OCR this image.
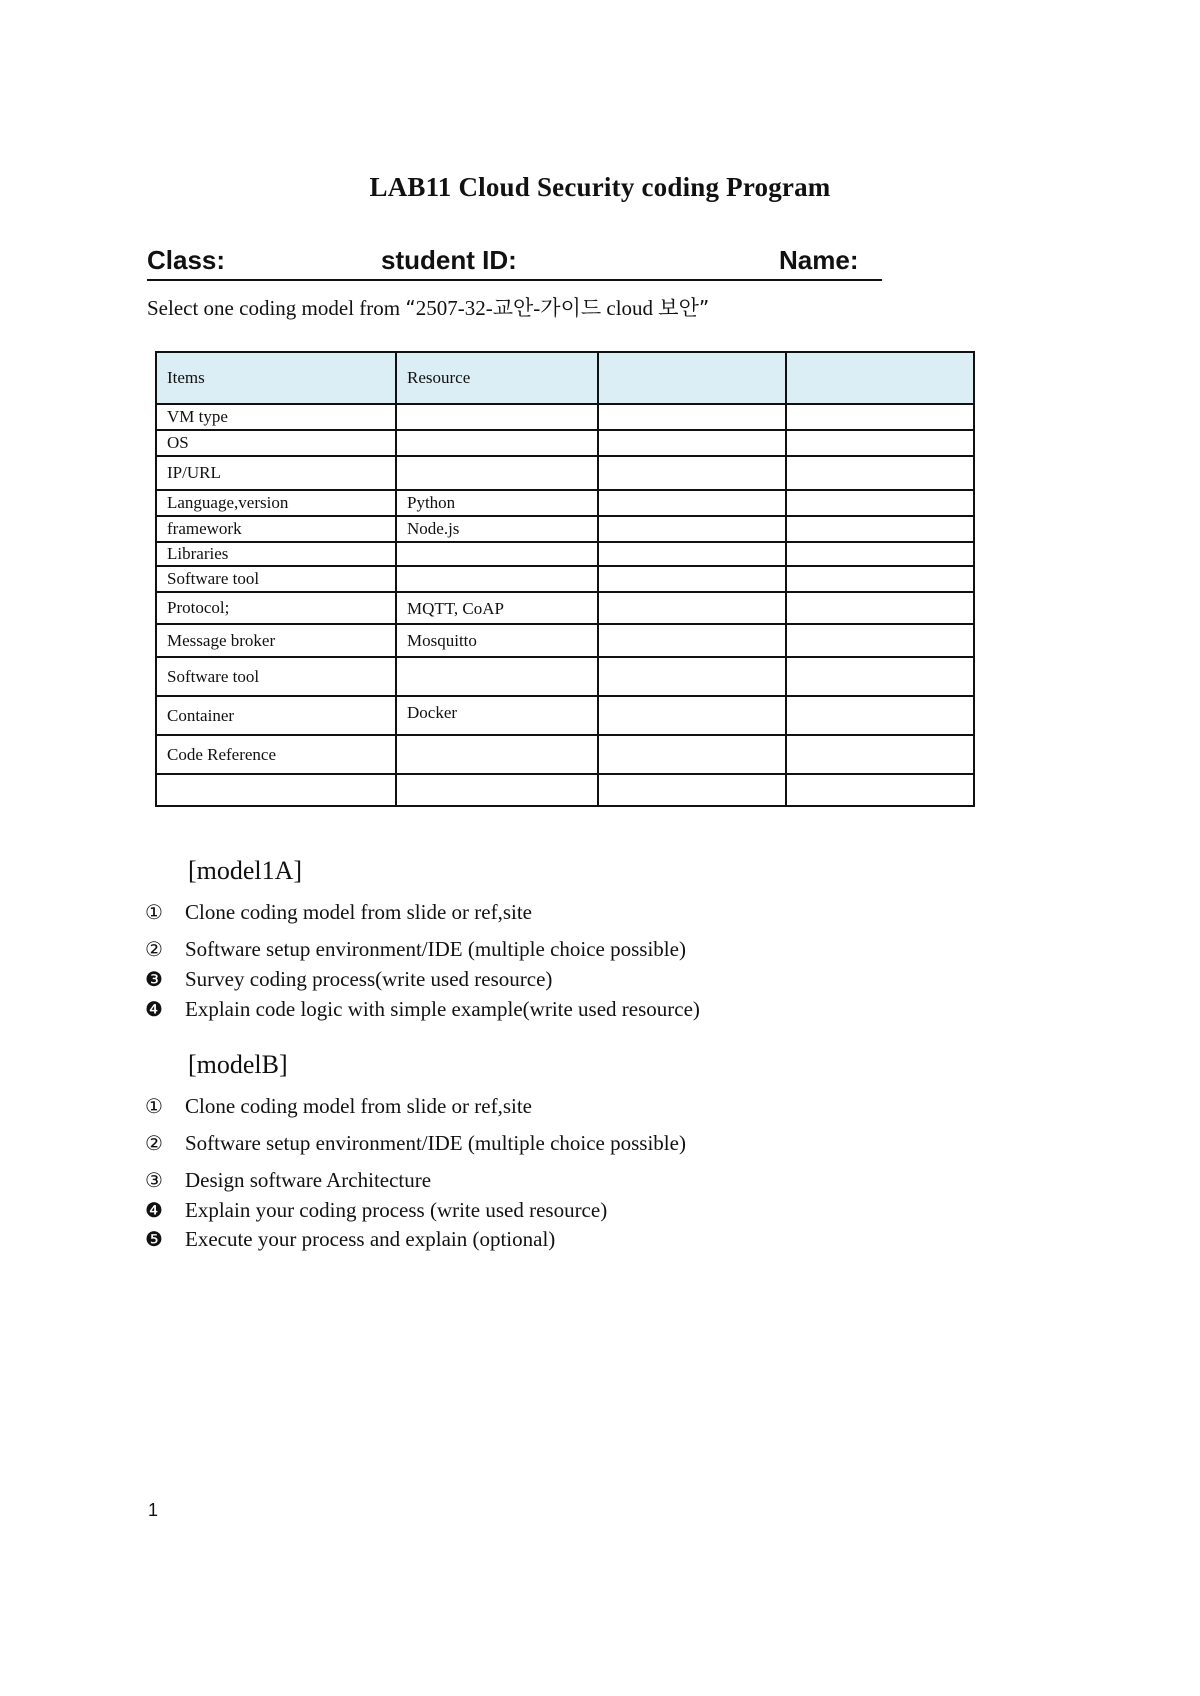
LAB11 Cloud Security coding Program
Class:	student ID:	Name:
Select one coding model from “2507-32-교안-가이드 cloud 보안”
Items	Resource		
VM type			
OS			
IP/URL			
Language,version	Python		
framework	Node.js		
Libraries			
Software tool			
Protocol;	MQTT, CoAP		
Message broker	Mosquitto		
Software tool			
Container	Docker		
Code Reference			

[model1A]
① Clone coding model from slide or ref,site
② Software setup environment/IDE (multiple choice possible)
❸ Survey coding process(write used resource)
❹ Explain code logic with simple example(write used resource)
[modelB]
① Clone coding model from slide or ref,site
② Software setup environment/IDE (multiple choice possible)
③ Design software Architecture
❹ Explain your coding process (write used resource)
❺ Execute your process and explain (optional)
1
